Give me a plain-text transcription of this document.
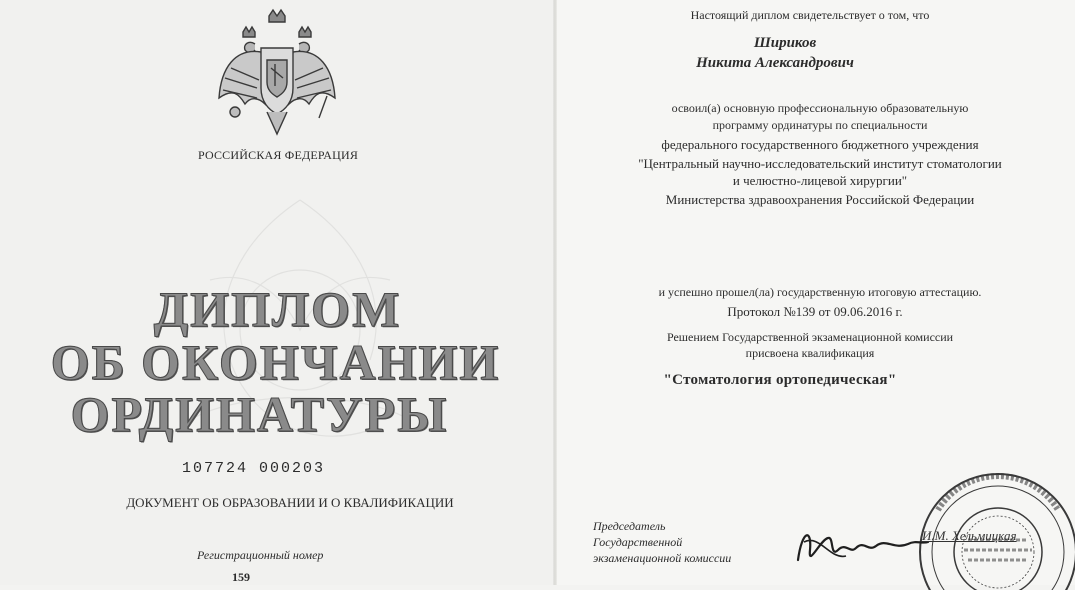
РОССИЙСКАЯ ФЕДЕРАЦИЯ
ДИПЛОМ
ОБ ОКОНЧАНИИ
ОРДИНАТУРЫ
107724 000203
ДОКУМЕНТ ОБ ОБРАЗОВАНИИ И О КВАЛИФИКАЦИИ
Регистрационный номер
159
Настоящий диплом свидетельствует о том, что
Шириков
Никита Александрович
освоил(а) основную профессиональную образовательную
программу ординатуры по специальности
федерального государственного бюджетного учреждения
"Центральный научно-исследовательский институт стоматологии
и челюстно-лицевой хирургии"
Министерства здравоохранения Российской Федерации
и успешно прошел(ла) государственную итоговую аттестацию.
Протокол №139 от 09.06.2016 г.
Решением Государственной экзаменационной комиссии
присвоена квалификация
"Стоматология ортопедическая"
Председатель
Государственной
экзаменационной комиссии
И.М. Хельмицкая
